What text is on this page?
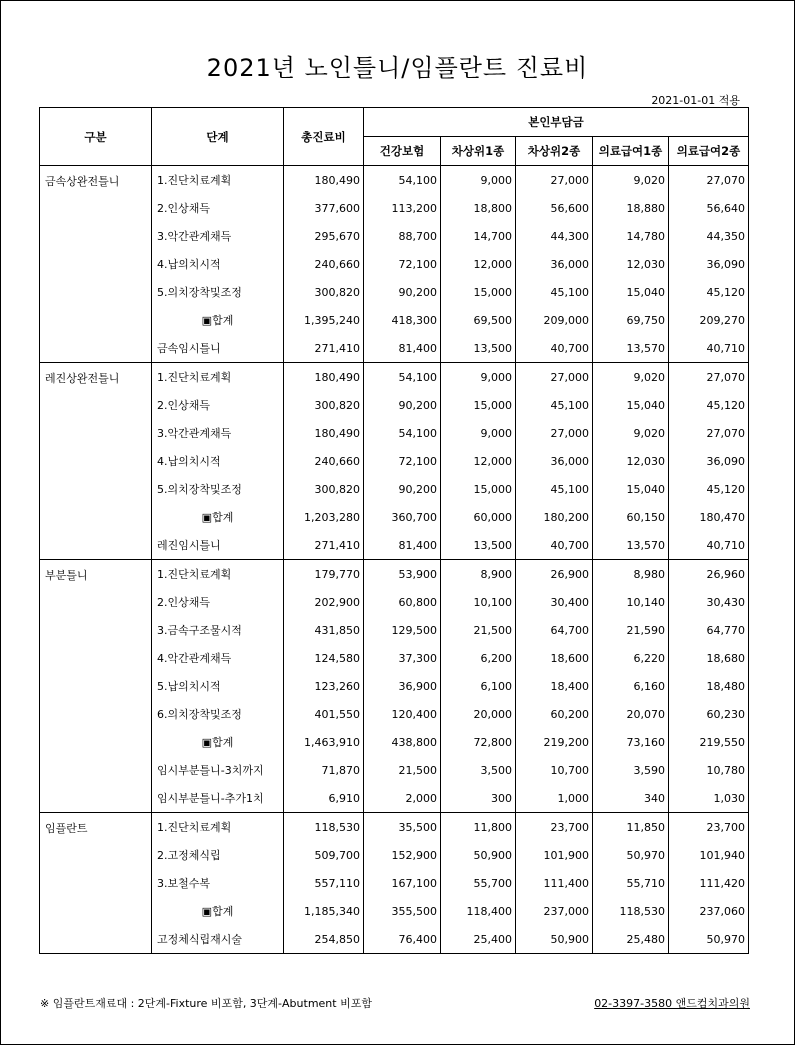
2021년 노인틀니/임플란트 진료비
2021-01-01 적용
구분	단계	총진료비	본인부담금				
			건강보험	차상위1종	차상위2종	의료급여1종	의료급여2종
금속상완전틀니	1.진단치료계획	180,490	54,100	9,000	27,000	9,020	27,070
	2.인상채득	377,600	113,200	18,800	56,600	18,880	56,640
	3.악간관계채득	295,670	88,700	14,700	44,300	14,780	44,350
	4.납의치시적	240,660	72,100	12,000	36,000	12,030	36,090
	5.의치장착및조정	300,820	90,200	15,000	45,100	15,040	45,120
	▣합계	1,395,240	418,300	69,500	209,000	69,750	209,270
	금속임시틀니	271,410	81,400	13,500	40,700	13,570	40,710
레진상완전틀니	1.진단치료계획	180,490	54,100	9,000	27,000	9,020	27,070
	2.인상채득	300,820	90,200	15,000	45,100	15,040	45,120
	3.악간관계채득	180,490	54,100	9,000	27,000	9,020	27,070
	4.납의치시적	240,660	72,100	12,000	36,000	12,030	36,090
	5.의치장착및조정	300,820	90,200	15,000	45,100	15,040	45,120
	▣합계	1,203,280	360,700	60,000	180,200	60,150	180,470
	레진임시틀니	271,410	81,400	13,500	40,700	13,570	40,710
부분틀니	1.진단치료계획	179,770	53,900	8,900	26,900	8,980	26,960
	2.인상채득	202,900	60,800	10,100	30,400	10,140	30,430
	3.금속구조물시적	431,850	129,500	21,500	64,700	21,590	64,770
	4.악간관계채득	124,580	37,300	6,200	18,600	6,220	18,680
	5.납의치시적	123,260	36,900	6,100	18,400	6,160	18,480
	6.의치장착및조정	401,550	120,400	20,000	60,200	20,070	60,230
	▣합계	1,463,910	438,800	72,800	219,200	73,160	219,550
	임시부분틀니-3치까지	71,870	21,500	3,500	10,700	3,590	10,780
	임시부분틀니-추가1치	6,910	2,000	300	1,000	340	1,030
임플란트	1.진단치료계획	118,530	35,500	11,800	23,700	11,850	23,700
	2.고정체식립	509,700	152,900	50,900	101,900	50,970	101,940
	3.보철수복	557,110	167,100	55,700	111,400	55,710	111,420
	▣합계	1,185,340	355,500	118,400	237,000	118,530	237,060
	고정체식립재시술	254,850	76,400	25,400	50,900	25,480	50,970
※ 임플란트재료대 : 2단계-Fixture 비포함, 3단계-Abutment 비포함	02-3397-3580 앤드컴치과의원
